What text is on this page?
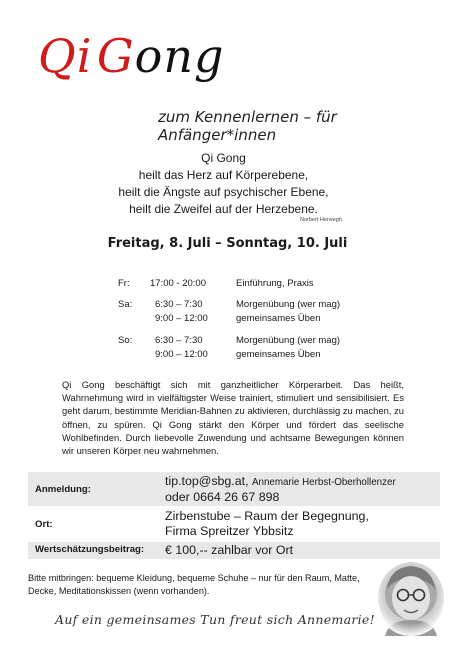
Qi Gong
zum Kennenlernen – für Anfänger*innen
Qi Gong
heilt das Herz auf Körperebene,
heilt die Ängste auf psychischer Ebene,
heilt die Zweifel auf der Herzebene.
Norbert Herwegh
Freitag, 8. Juli – Sonntag, 10. Juli
Fr: 17:00 - 20:00	Einführung, Praxis
Sa: 6:30 – 7:30	Morgenübung (wer mag)
9:00 – 12:00	gemeinsames Üben
So: 6:30 – 7:30	Morgenübung (wer mag)
9:00 – 12:00	gemeinsames Üben
Qi Gong beschäftigt sich mit ganzheitlicher Körperarbeit. Das heißt, Wahrnehmung wird in vielfältigster Weise trainiert, stimuliert und sensibilisiert. Es geht darum, bestimmte Meridian-Bahnen zu aktivieren, durchlässig zu machen, zu öffnen, zu spüren. Qi Gong stärkt den Körper und fördert das seelische Wohlbefinden. Durch liebevolle Zuwendung und achtsame Bewegungen können wir unseren Körper neu wahrnehmen.
Anmeldung:
tip.top@sbg.at, Annemarie Herbst-Oberhollenzer
oder 0664 26 67 898
Ort:
Zirbenstube – Raum der Begegnung,
Firma Spreitzer Ybbsitz
Wertschätzungsbeitrag: € 100,-- zahlbar vor Ort
Bitte mitbringen: bequeme Kleidung, bequeme Schuhe – nur für den Raum, Matte, Decke, Meditationskissen (wenn vorhanden).
Auf ein gemeinsames Tun freut sich Annemarie!
